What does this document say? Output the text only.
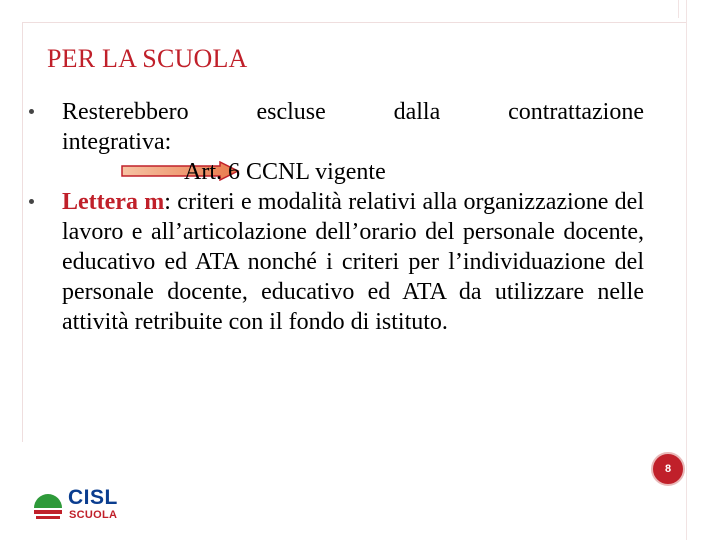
PER LA SCUOLA
Resterebbero escluse dalla contrattazione
integrativa:
Art. 6 CCNL vigente
Lettera m: criteri e modalità relativi alla organizzazione del lavoro e all’articolazione dell’orario del personale docente, educativo ed ATA nonché i criteri per l’individuazione del personale docente, educativo ed ATA da utilizzare nelle attività retribuite con il fondo di istituto.
8
CISL
SCUOLA
